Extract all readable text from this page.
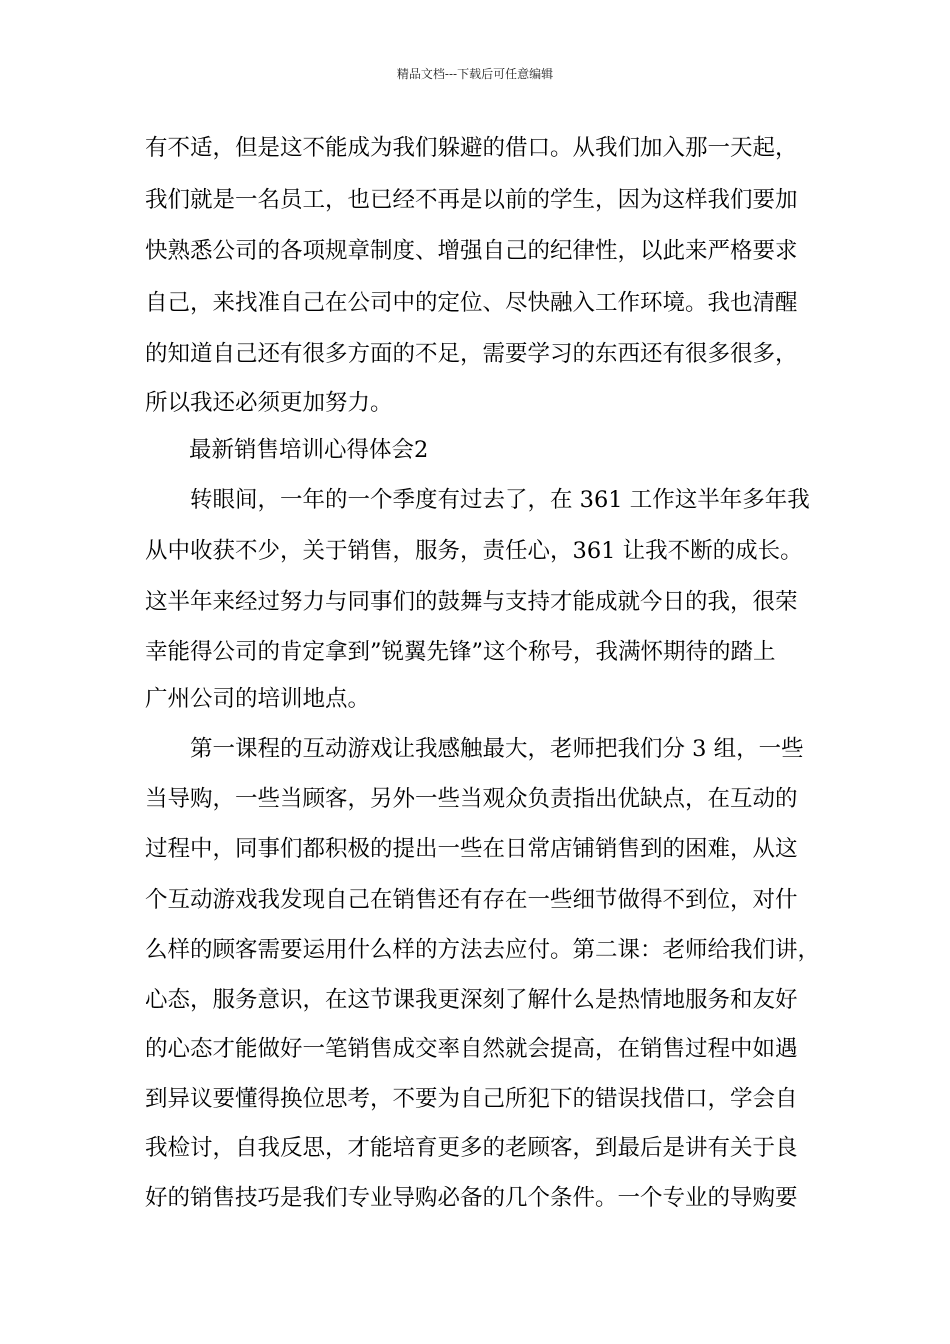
精品文档---下载后可任意编辑
有不适，但是这不能成为我们躲避的借口。从我们加入那一天起，
我们就是一名员工，也已经不再是以前的学生，因为这样我们要加
快熟悉公司的各项规章制度、增强自己的纪律性，以此来严格要求
自己，来找准自己在公司中的定位、尽快融入工作环境。我也清醒
的知道自己还有很多方面的不足，需要学习的东西还有很多很多，
所以我还必须更加努力。
最新销售培训心得体会2
转眼间，一年的一个季度有过去了，在 361 工作这半年多年我
从中收获不少，关于销售，服务，责任心，361 让我不断的成长。
这半年来经过努力与同事们的鼓舞与支持才能成就今日的我，很荣
幸能得公司的肯定拿到”锐翼先锋”这个称号，我满怀期待的踏上
广州公司的培训地点。
第一课程的互动游戏让我感触最大，老师把我们分 3 组，一些
当导购，一些当顾客，另外一些当观众负责指出优缺点，在互动的
过程中，同事们都积极的提出一些在日常店铺销售到的困难，从这
个互动游戏我发现自己在销售还有存在一些细节做得不到位，对什
么样的顾客需要运用什么样的方法去应付。第二课：老师给我们讲，
心态，服务意识，在这节课我更深刻了解什么是热情地服务和友好
的心态才能做好一笔销售成交率自然就会提高，在销售过程中如遇
到异议要懂得换位思考，不要为自己所犯下的错误找借口，学会自
我检讨，自我反思，才能培育更多的老顾客，到最后是讲有关于良
好的销售技巧是我们专业导购必备的几个条件。一个专业的导购要
